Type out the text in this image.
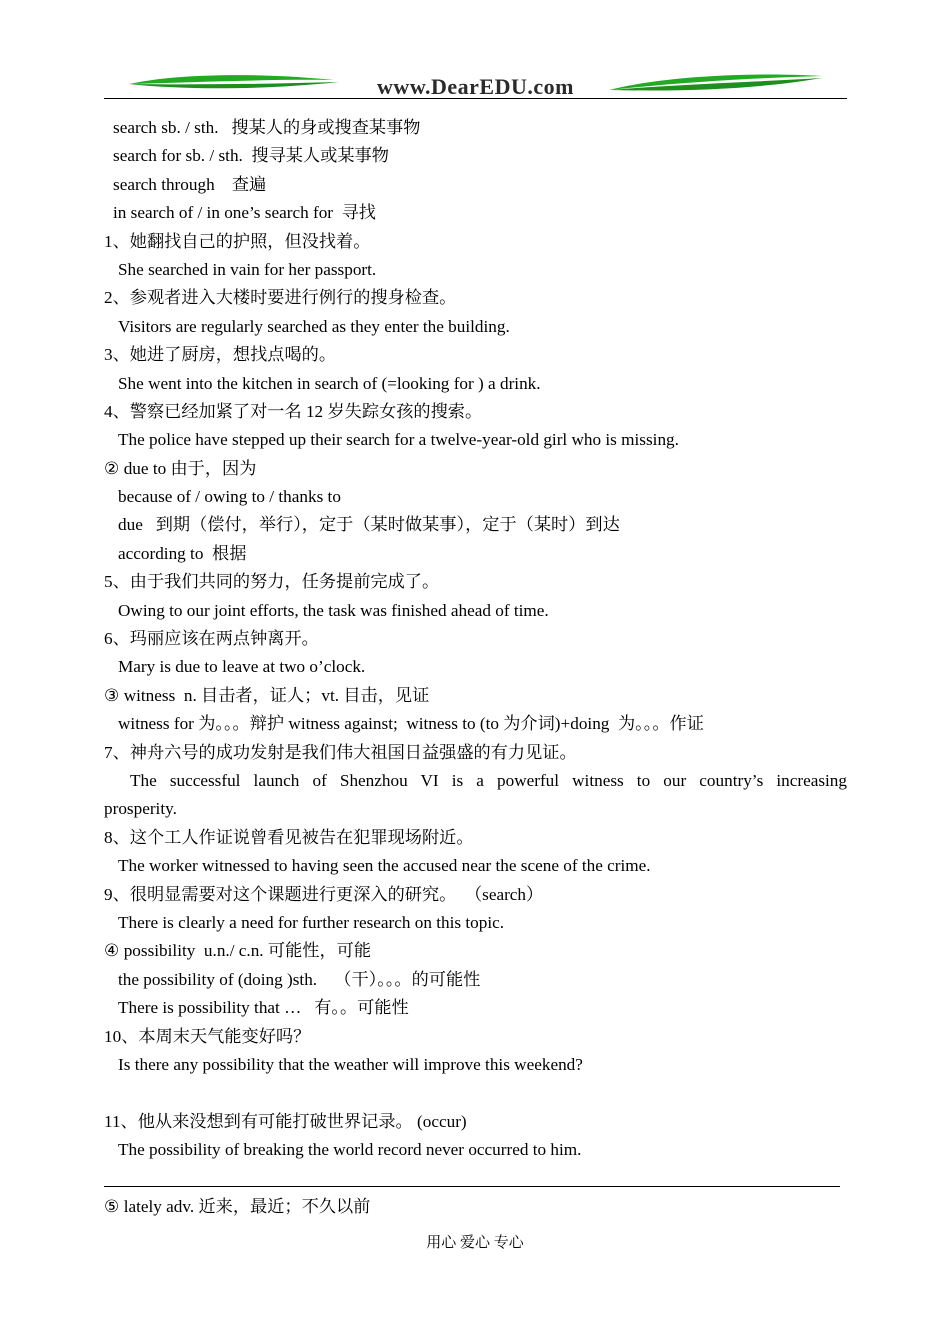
www.DearEDU.com
search sb. / sth.   搜某人的身或搜查某事物
search for sb. / sth.  搜寻某人或某事物
search through    查遍
in search of / in one’s search for  寻找
1、她翻找自己的护照，但没找着。
She searched in vain for her passport.
2、参观者进入大楼时要进行例行的搜身检查。
Visitors are regularly searched as they enter the building.
3、她进了厨房，想找点喝的。
She went into the kitchen in search of (=looking for ) a drink.
4、警察已经加紧了对一名 12 岁失踪女孩的搜索。
The police have stepped up their search for a twelve-year-old girl who is missing.
② due to 由于，因为
because of / owing to / thanks to
due   到期（偿付，举行），定于（某时做某事），定于（某时）到达
according to  根据
5、由于我们共同的努力，任务提前完成了。
Owing to our joint efforts, the task was finished ahead of time.
6、玛丽应该在两点钟离开。
Mary is due to leave at two o’clock.
③ witness  n. 目击者，证人；vt. 目击，见证
witness for 为。。。辩护 witness against;  witness to (to 为介词)+doing  为。。。作证
7、神舟六号的成功发射是我们伟大祖国日益强盛的有力见证。
The successful launch of Shenzhou VI is a powerful witness to our country’s increasing
prosperity.
8、这个工人作证说曾看见被告在犯罪现场附近。
The worker witnessed to having seen the accused near the scene of the crime.
9、很明显需要对这个课题进行更深入的研究。  （search）
There is clearly a need for further research on this topic.
④ possibility  u.n./ c.n. 可能性，可能
the possibility of (doing )sth.    （干）。。。的可能性
There is possibility that …   有。。可能性
10、本周末天气能变好吗？
Is there any possibility that the weather will improve this weekend?
11、他从来没想到有可能打破世界记录。 (occur)
The possibility of breaking the world record never occurred to him.
⑤ lately adv. 近来，最近；不久以前
用心 爱心 专心
